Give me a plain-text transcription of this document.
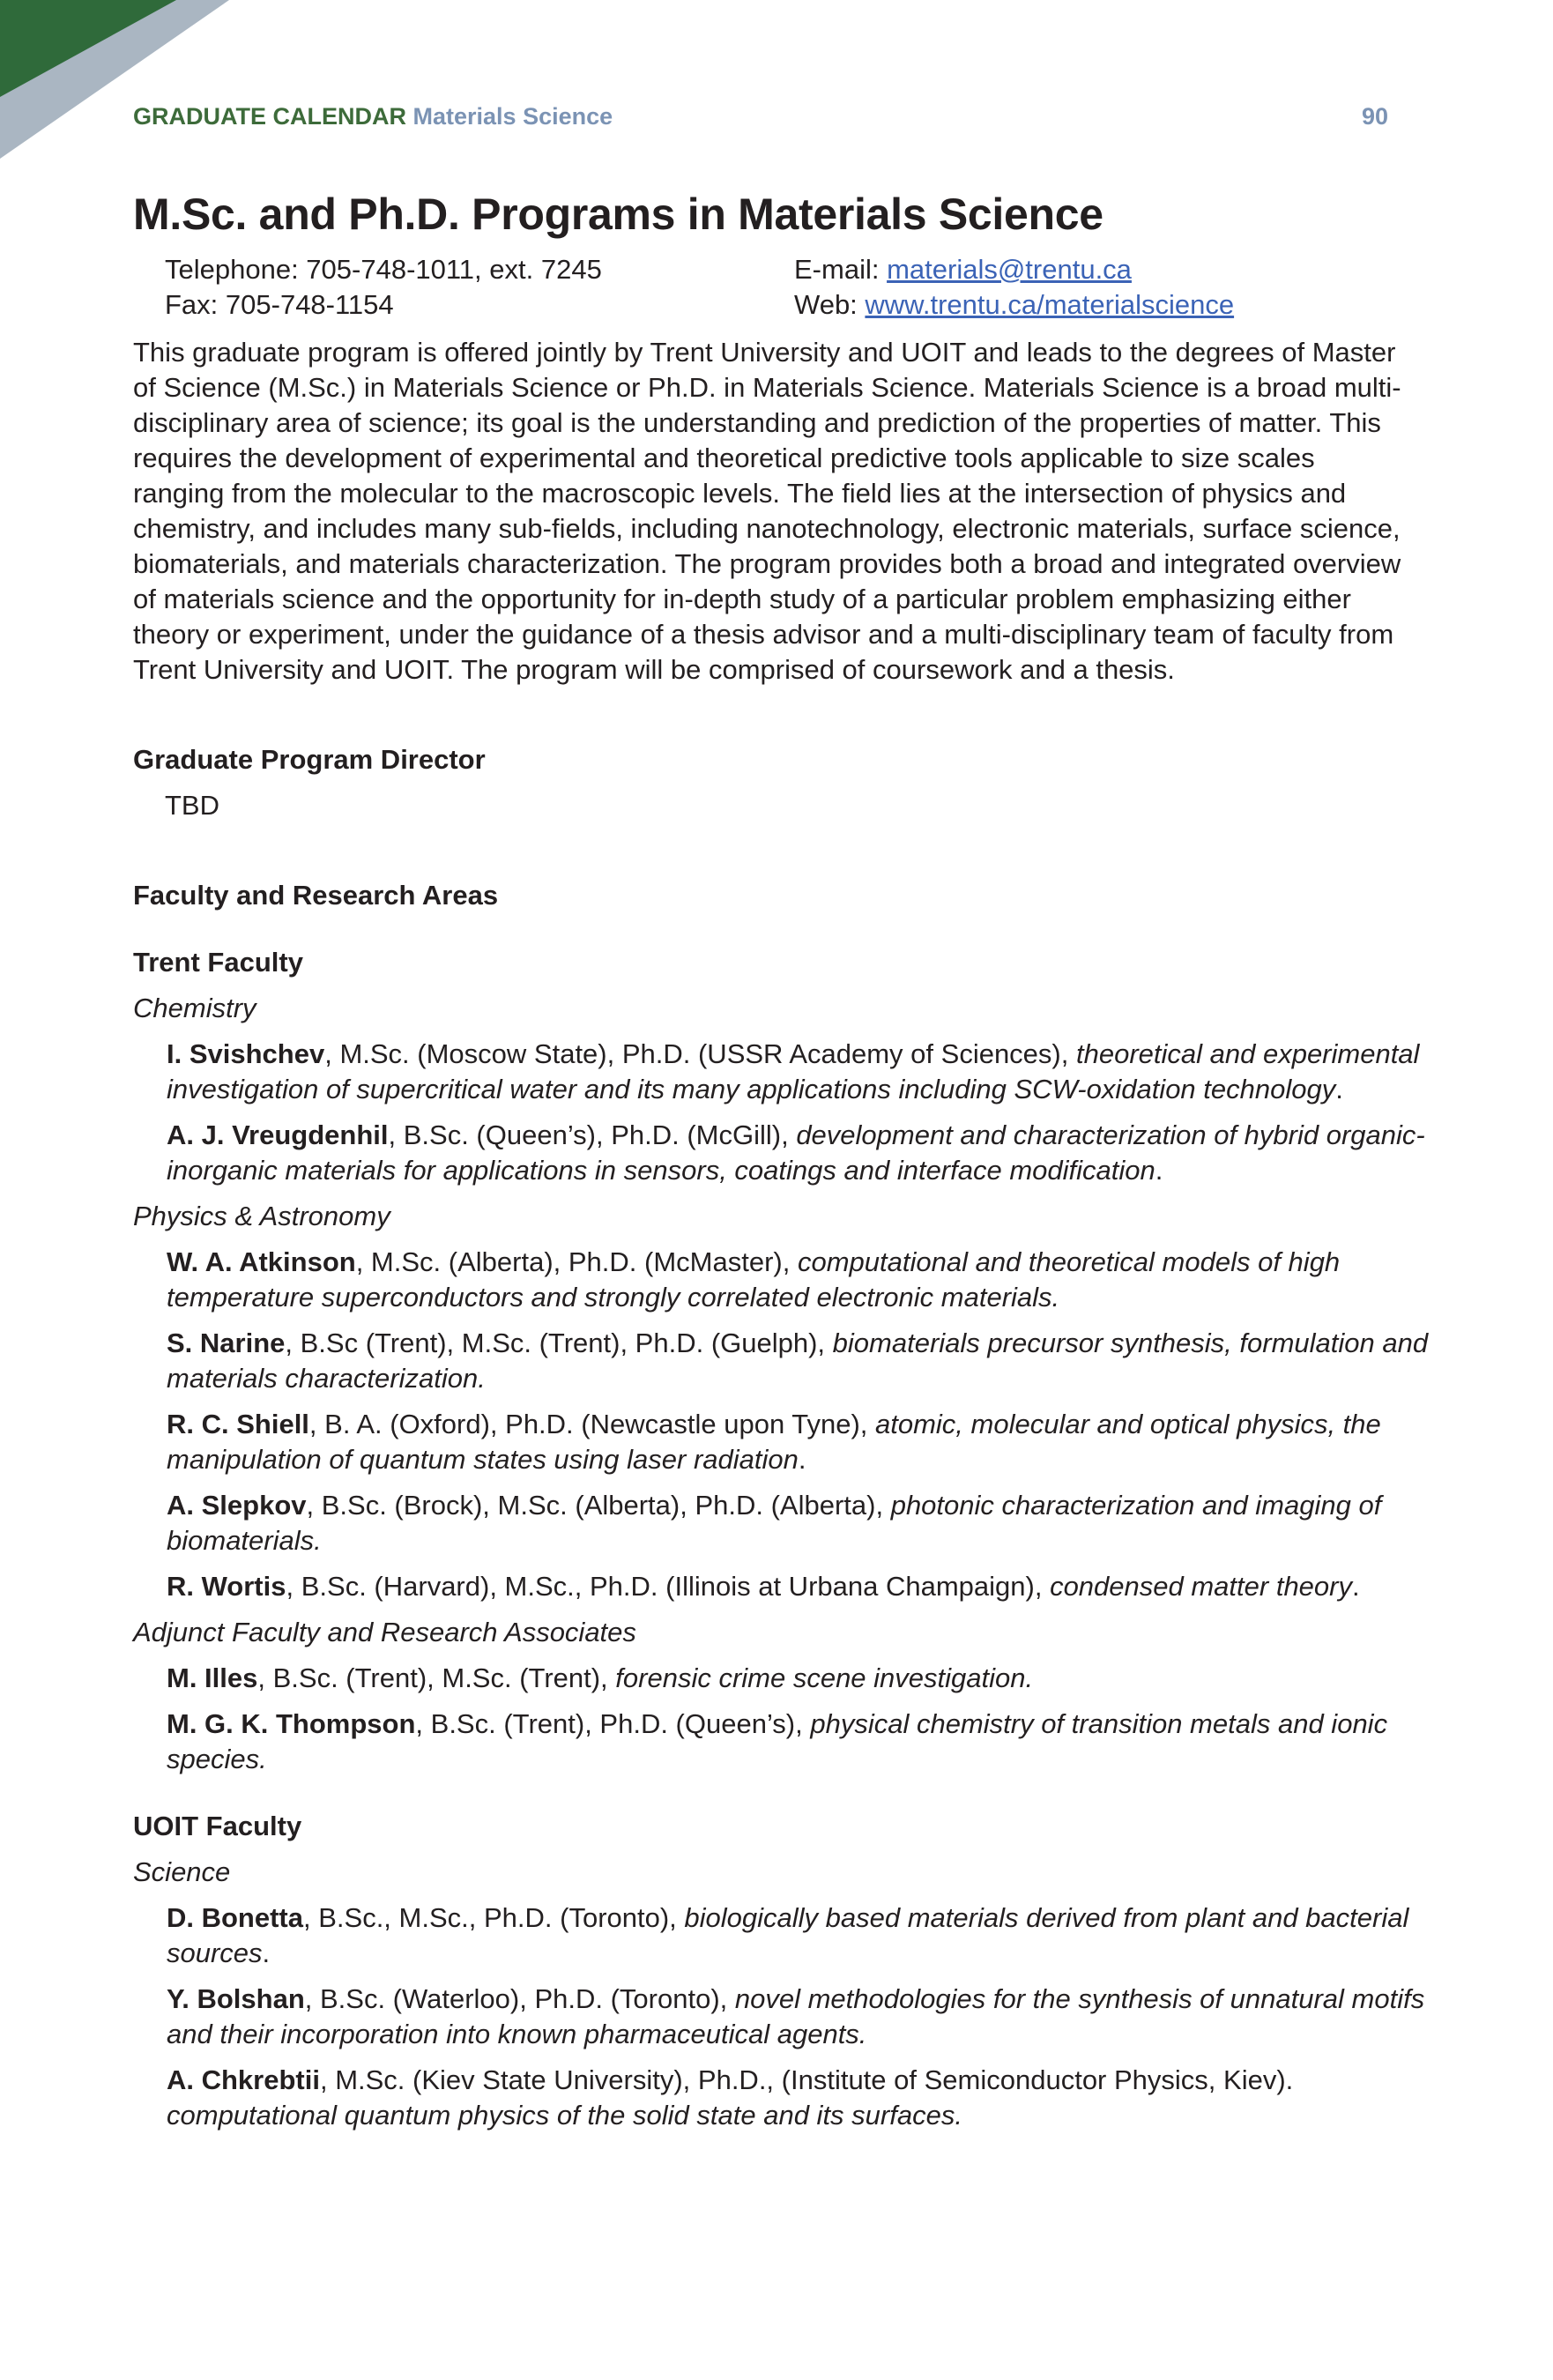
GRADUATE CALENDAR Materials Science	90
M.Sc. and Ph.D. Programs in Materials Science
Telephone: 705-748-1011, ext. 7245
Fax: 705-748-1154
E-mail: materials@trentu.ca
Web: www.trentu.ca/materialscience

This graduate program is offered jointly by Trent University and UOIT and leads to the degrees of Master of Science (M.Sc.) in Materials Science or Ph.D. in Materials Science. Materials Science is a broad multi-disciplinary area of science; its goal is the understanding and prediction of the properties of matter. This requires the development of experimental and theoretical predictive tools applicable to size scales ranging from the molecular to the macroscopic levels. The field lies at the intersection of physics and chemistry, and includes many sub-fields, including nanotechnology, electronic materials, surface science, biomaterials, and materials characterization. The program provides both a broad and integrated overview of materials science and the opportunity for in-depth study of a particular problem emphasizing either theory or experiment, under the guidance of a thesis advisor and a multi-disciplinary team of faculty from Trent University and UOIT. The program will be comprised of coursework and a thesis.

Graduate Program Director
TBD
Faculty and Research Areas
Trent Faculty
Chemistry
I. Svishchev, M.Sc. (Moscow State), Ph.D. (USSR Academy of Sciences), theoretical and experimental investigation of supercritical water and its many applications including SCW-oxidation technology.
A. J. Vreugdenhil, B.Sc. (Queen’s), Ph.D. (McGill), development and characterization of hybrid organic-inorganic materials for applications in sensors, coatings and interface modification.
Physics & Astronomy
W. A. Atkinson, M.Sc. (Alberta), Ph.D. (McMaster), computational and theoretical models of high temperature superconductors and strongly correlated electronic materials.
S. Narine, B.Sc (Trent), M.Sc. (Trent), Ph.D. (Guelph), biomaterials precursor synthesis, formulation and materials characterization.
R. C. Shiell, B. A. (Oxford), Ph.D. (Newcastle upon Tyne), atomic, molecular and optical physics, the manipulation of quantum states using laser radiation.
A. Slepkov, B.Sc. (Brock), M.Sc. (Alberta), Ph.D. (Alberta), photonic characterization and imaging of biomaterials.
R. Wortis, B.Sc. (Harvard), M.Sc., Ph.D. (Illinois at Urbana Champaign), condensed matter theory.
Adjunct Faculty and Research Associates
M. Illes, B.Sc. (Trent), M.Sc. (Trent), forensic crime scene investigation.
M. G. K. Thompson, B.Sc. (Trent), Ph.D. (Queen’s), physical chemistry of transition metals and ionic species.
UOIT Faculty
Science
D. Bonetta, B.Sc., M.Sc., Ph.D. (Toronto), biologically based materials derived from plant and bacterial sources.
Y. Bolshan, B.Sc. (Waterloo), Ph.D. (Toronto), novel methodologies for the synthesis of unnatural motifs and their incorporation into known pharmaceutical agents.
A. Chkrebtii, M.Sc. (Kiev State University), Ph.D., (Institute of Semiconductor Physics, Kiev). computational quantum physics of the solid state and its surfaces.
